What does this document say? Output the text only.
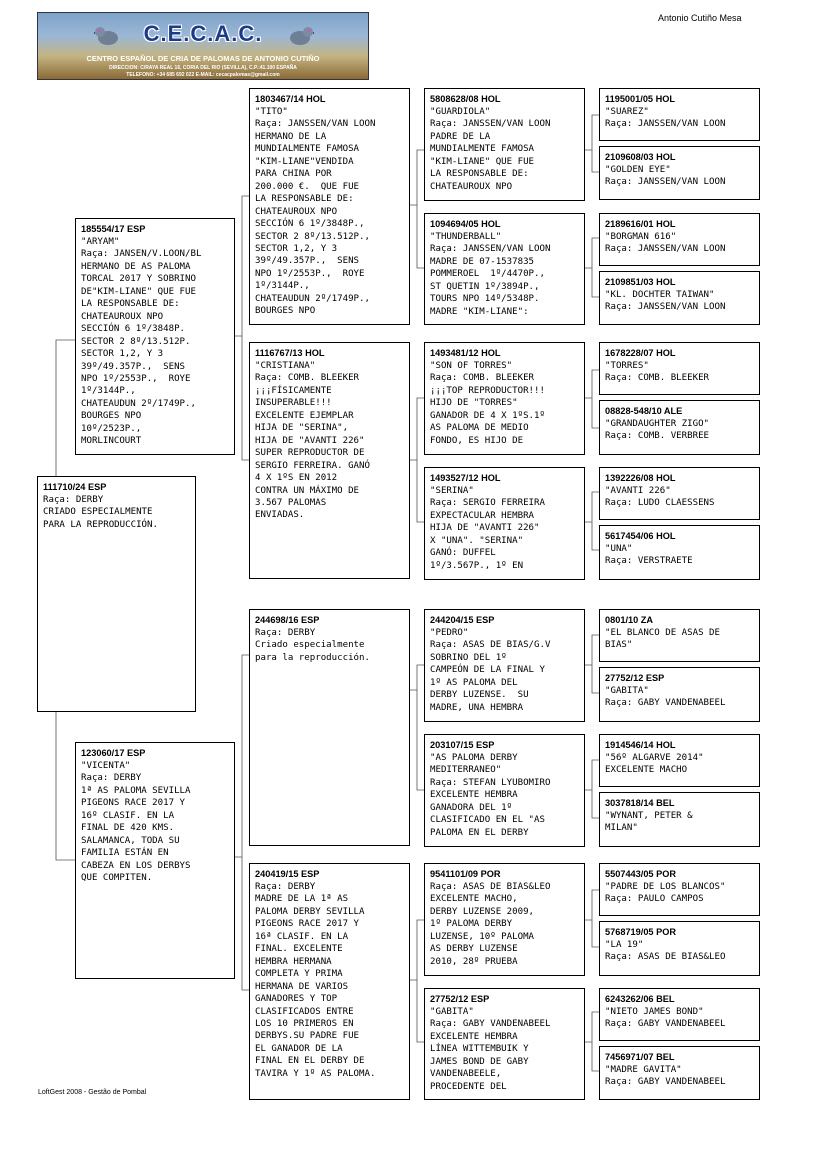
C.E.C.A.C.
CENTRO ESPAÑOL DE CRIA DE PALOMAS DE ANTONIO CUTIÑO
DIRECCION: C/RAYA REAL 16, CORIA DEL RIO (SEVILLA), C.P.:41.100 ESPAÑA
TELEFONO: +34 685 692 022 E-MAIL: cecacpalomas@gmail.com
Antonio Cutiño Mesa
111710/24 ESP
Raça: DERBY
CRIADO ESPECIALMENTE
PARA LA REPRODUCCIÓN.
185554/17 ESP
"ARYAM"
Raça: JANSEN/V.LOON/BL
HERMANO DE AS PALOMA
TORCAL 2017 Y SOBRINO
DE"KIM-LIANE" QUE FUE
LA RESPONSABLE DE:
CHATEAUROUX NPO
SECCIÓN 6 1º/3848P.
SECTOR 2 8º/13.512P.
SECTOR 1,2, Y 3
39º/49.357P.,  SENS
NPO 1º/2553P.,  ROYE
1º/3144P.,
CHATEAUDUN 2º/1749P.,
BOURGES NPO
10º/2523P.,
MORLINCOURT
123060/17 ESP
"VICENTA"
Raça: DERBY
1ª AS PALOMA SEVILLA
PIGEONS RACE 2017 Y
16º CLASIF. EN LA
FINAL DE 420 KMS.
SALAMANCA, TODA SU
FAMILIA ESTÁN EN
CABEZA EN LOS DERBYS
QUE COMPITEN.
1803467/14 HOL
"TITO"
Raça: JANSSEN/VAN LOON
HERMANO DE LA
MUNDIALMENTE FAMOSA
"KIM-LIANE"VENDIDA
PARA CHINA POR
200.000 €.  QUE FUE
LA RESPONSABLE DE:
CHATEAUROUX NPO
SECCIÓN 6 1º/3848P.,
SECTOR 2 8º/13.512P.,
SECTOR 1,2, Y 3
39º/49.357P.,  SENS
NPO 1º/2553P.,  ROYE
1º/3144P.,
CHATEAUDUN 2º/1749P.,
BOURGES NPO
1116767/13 HOL
"CRISTIANA"
Raça: COMB. BLEEKER
¡¡¡FÍSICAMENTE
INSUPERABLE!!!
EXCELENTE EJEMPLAR
HIJA DE "SERINA",
HIJA DE "AVANTI 226"
SUPER REPRODUCTOR DE
SERGIO FERREIRA. GANÓ
4 X 1ºS EN 2012
CONTRA UN MÁXIMO DE
3.567 PALOMAS
ENVIADAS.
244698/16 ESP
Raça: DERBY
Criado especialmente
para la reproducción.
240419/15 ESP
Raça: DERBY
MADRE DE LA 1ª AS
PALOMA DERBY SEVILLA
PIGEONS RACE 2017 Y
16ª CLASIF. EN LA
FINAL. EXCELENTE
HEMBRA HERMANA
COMPLETA Y PRIMA
HERMANA DE VARIOS
GANADORES Y TOP
CLASIFICADOS ENTRE
LOS 10 PRIMEROS EN
DERBYS.SU PADRE FUE
EL GANADOR DE LA
FINAL EN EL DERBY DE
TAVIRA Y 1º AS PALOMA.
5808628/08 HOL
"GUARDIOLA"
Raça: JANSSEN/VAN LOON
PADRE DE LA
MUNDIALMENTE FAMOSA
"KIM-LIANE" QUE FUE
LA RESPONSABLE DE:
CHATEAUROUX NPO
1094694/05 HOL
"THUNDERBALL"
Raça: JANSSEN/VAN LOON
MADRE DE 07-1537835
POMMEROEL  1º/4470P.,
ST QUETIN 1º/3894P.,
TOURS NPO 14º/5348P.
MADRE "KIM-LIANE":
1493481/12 HOL
"SON OF TORRES"
Raça: COMB. BLEEKER
¡¡¡TOP REPRODUCTOR!!!
HIJO DE "TORRES"
GANADOR DE 4 X 1ºS.1º
AS PALOMA DE MEDIO
FONDO, ES HIJO DE
1493527/12 HOL
"SERINA"
Raça: SERGIO FERREIRA
EXPECTACULAR HEMBRA
HIJA DE "AVANTI 226"
X "UNA". "SERINA"
GANÓ: DUFFEL
1º/3.567P., 1º EN
244204/15 ESP
"PEDRO"
Raça: ASAS DE BIAS/G.V
SOBRINO DEL 1º
CAMPEÓN DE LA FINAL Y
1º AS PALOMA DEL
DERBY LUZENSE.  SU
MADRE, UNA HEMBRA
203107/15 ESP
"AS PALOMA DERBY
MEDITERRANEO"
Raça: STEFAN LYUBOMIRO
EXCELENTE HEMBRA
GANADORA DEL 1º
CLASIFICADO EN EL "AS
PALOMA EN EL DERBY
9541101/09 POR
Raça: ASAS DE BIAS&LEO
EXCELENTE MACHO,
DERBY LUZENSE 2009,
1º PALOMA DERBY
LUZENSE, 10º PALOMA
AS DERBY LUZENSE
2010, 28º PRUEBA
27752/12 ESP
"GABITA"
Raça: GABY VANDENABEEL
EXCELENTE HEMBRA
LÍNEA WITTEMBUIK Y
JAMES BOND DE GABY
VANDENABEELE,
PROCEDENTE DEL
1195001/05 HOL
"SUAREZ"
Raça: JANSSEN/VAN LOON
2109608/03 HOL
"GOLDEN EYE"
Raça: JANSSEN/VAN LOON
2189616/01 HOL
"BORGMAN 616"
Raça: JANSSEN/VAN LOON
2109851/03 HOL
"KL. DOCHTER TAIWAN"
Raça: JANSSEN/VAN LOON
1678228/07 HOL
"TORRES"
Raça: COMB. BLEEKER
08828-548/10 ALE
"GRANDAUGHTER ZIGO"
Raça: COMB. VERBREE
1392226/08 HOL
"AVANTI 226"
Raça: LUDO CLAESSENS
5617454/06 HOL
"UNA"
Raça: VERSTRAETE
0801/10 ZA
"EL BLANCO DE ASAS DE
BIAS"
27752/12 ESP
"GABITA"
Raça: GABY VANDENABEEL
1914546/14 HOL
"56º ALGARVE 2014"
EXCELENTE MACHO
3037818/14 BEL
"WYNANT, PETER &
MILAN"
5507443/05 POR
"PADRE DE LOS BLANCOS"
Raça: PAULO CAMPOS
5768719/05 POR
"LA 19"
Raça: ASAS DE BIAS&LEO
6243262/06 BEL
"NIETO JAMES BOND"
Raça: GABY VANDENABEEL
7456971/07 BEL
"MADRE GAVITA"
Raça: GABY VANDENABEEL
LoftGest 2008 - Gestão de Pombal
